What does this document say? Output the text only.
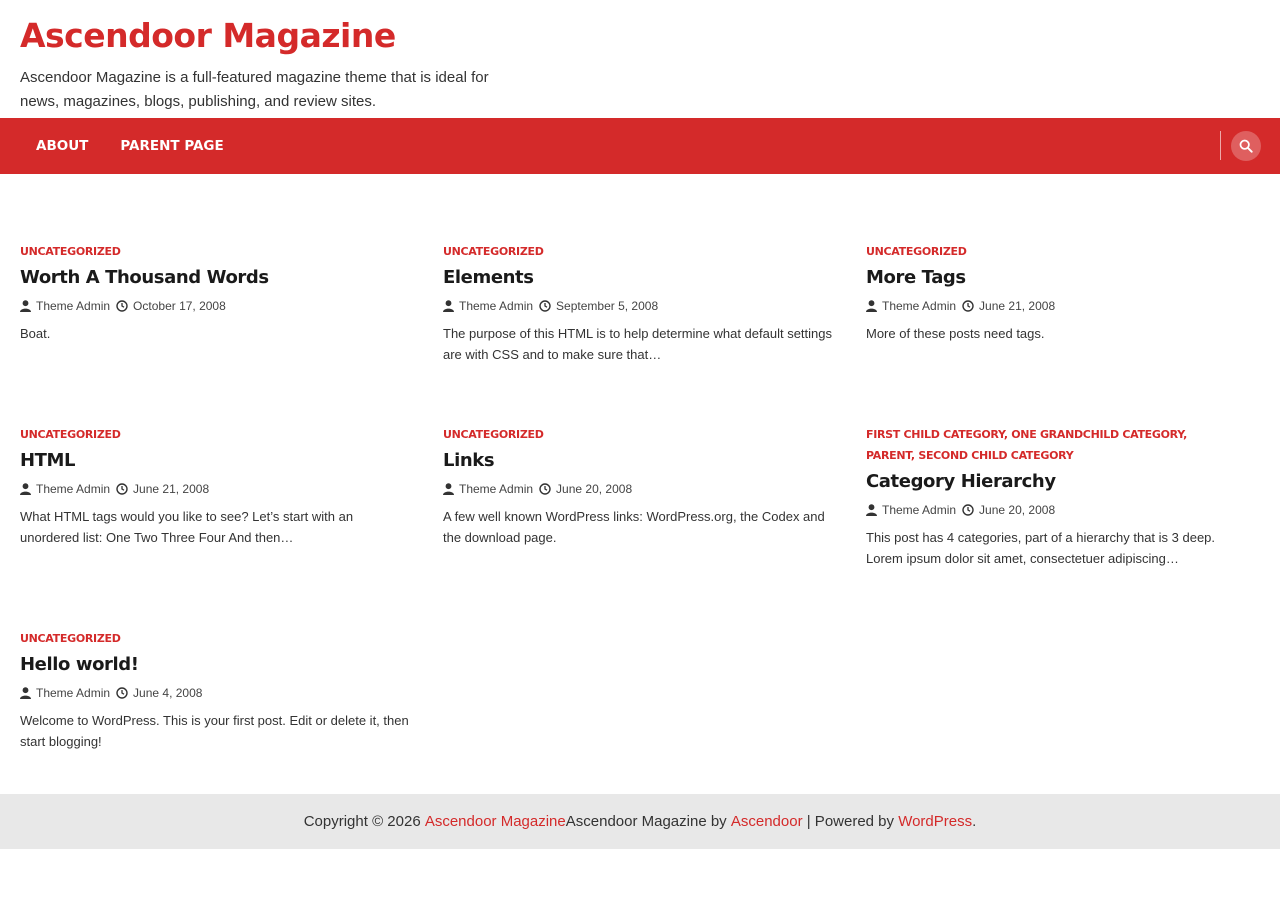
Ascendoor Magazine

Ascendoor Magazine is a full-featured magazine theme that is ideal for news, magazines, blogs, publishing, and review sites.

ABOUT	PARENT PAGE
UNCATEGORIZED
Worth A Thousand Words
Theme Admin October 17, 2008

Boat.

UNCATEGORIZED
Elements
Theme Admin September 5, 2008

The purpose of this HTML is to help determine what default settings are with CSS and to make sure that…

UNCATEGORIZED
More Tags
Theme Admin June 21, 2008

More of these posts need tags.

UNCATEGORIZED
HTML
Theme Admin June 21, 2008

What HTML tags would you like to see? Let’s start with an unordered list: One Two Three Four And then…

UNCATEGORIZED
Links
Theme Admin June 20, 2008

A few well known WordPress links: WordPress.org, the Codex and the download page.

FIRST CHILD CATEGORY, ONE GRANDCHILD CATEGORY, PARENT, SECOND CHILD CATEGORY
Category Hierarchy
Theme Admin June 20, 2008

This post has 4 categories, part of a hierarchy that is 3 deep. Lorem ipsum dolor sit amet, consectetuer adipiscing…

UNCATEGORIZED
Hello world!
Theme Admin June 4, 2008

Welcome to WordPress. This is your first post. Edit or delete it, then start blogging!

Copyright © 2026 Ascendoor Magazine Ascendoor Magazine by Ascendoor | Powered by WordPress .
